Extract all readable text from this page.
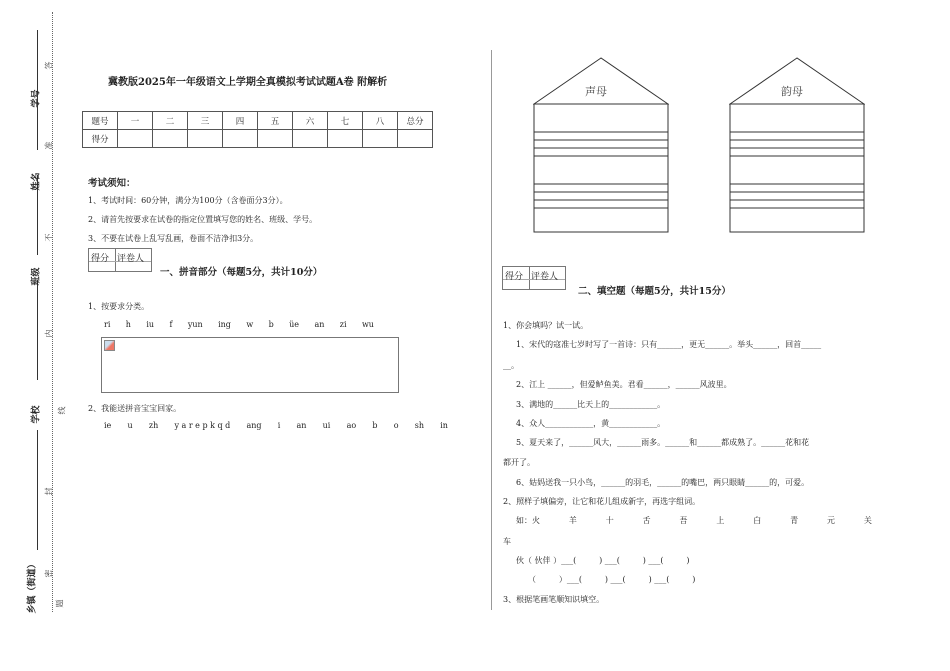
学号
姓名
班级
学校
乡镇（街道）
答
准
不
内
线
封
密
题
冀教版2025年一年级语文上学期全真模拟考试试题A卷 附解析
题号	一	二	三	四	五	六	七	八	总分
得分									
考试须知：
1、考试时间：60分钟，满分为100分（含卷面分3分）。
2、请首先按要求在试卷的指定位置填写您的姓名、班级、学号。
3、不要在试卷上乱写乱画，卷面不洁净扣3分。
得分 评卷人
一、拼音部分（每题5分，共计10分）
1、按要求分类。
ri h iu f yun ing w b üe an zi wu
2、我能送拼音宝宝回家。
ie u zh y a r e p k q d ang i an ui ao b o sh in
声母	韵母
得分 评卷人
二、填空题（每题5分，共计15分）
1、你会填吗？试一试。
1、宋代的寇准七岁时写了一首诗：只有______，更无______。举头______，回首_____
__。
2、江上 ______，但爱鲈鱼美。君看______，______风波里。
3、满地的______比天上的____________。
4、众人____________，黄____________。
5、夏天来了，______风大，______雨多。______和______都成熟了。______花和花
都开了。
6、姑妈送我一只小鸟，______的羽毛，______的嘴巴，两只眼睛______的，可爱。
2、照样子填偏旁，让它和花儿组成新字，再选字组词。
如：火	羊	十	舌	吾	上	白	青	元	关
车
伙（ 伙伴 ）___(         ) ___(         ) ___(         )
（         ）___(         ) ___(         ) ___(         )
3、根据笔画笔顺知识填空。
